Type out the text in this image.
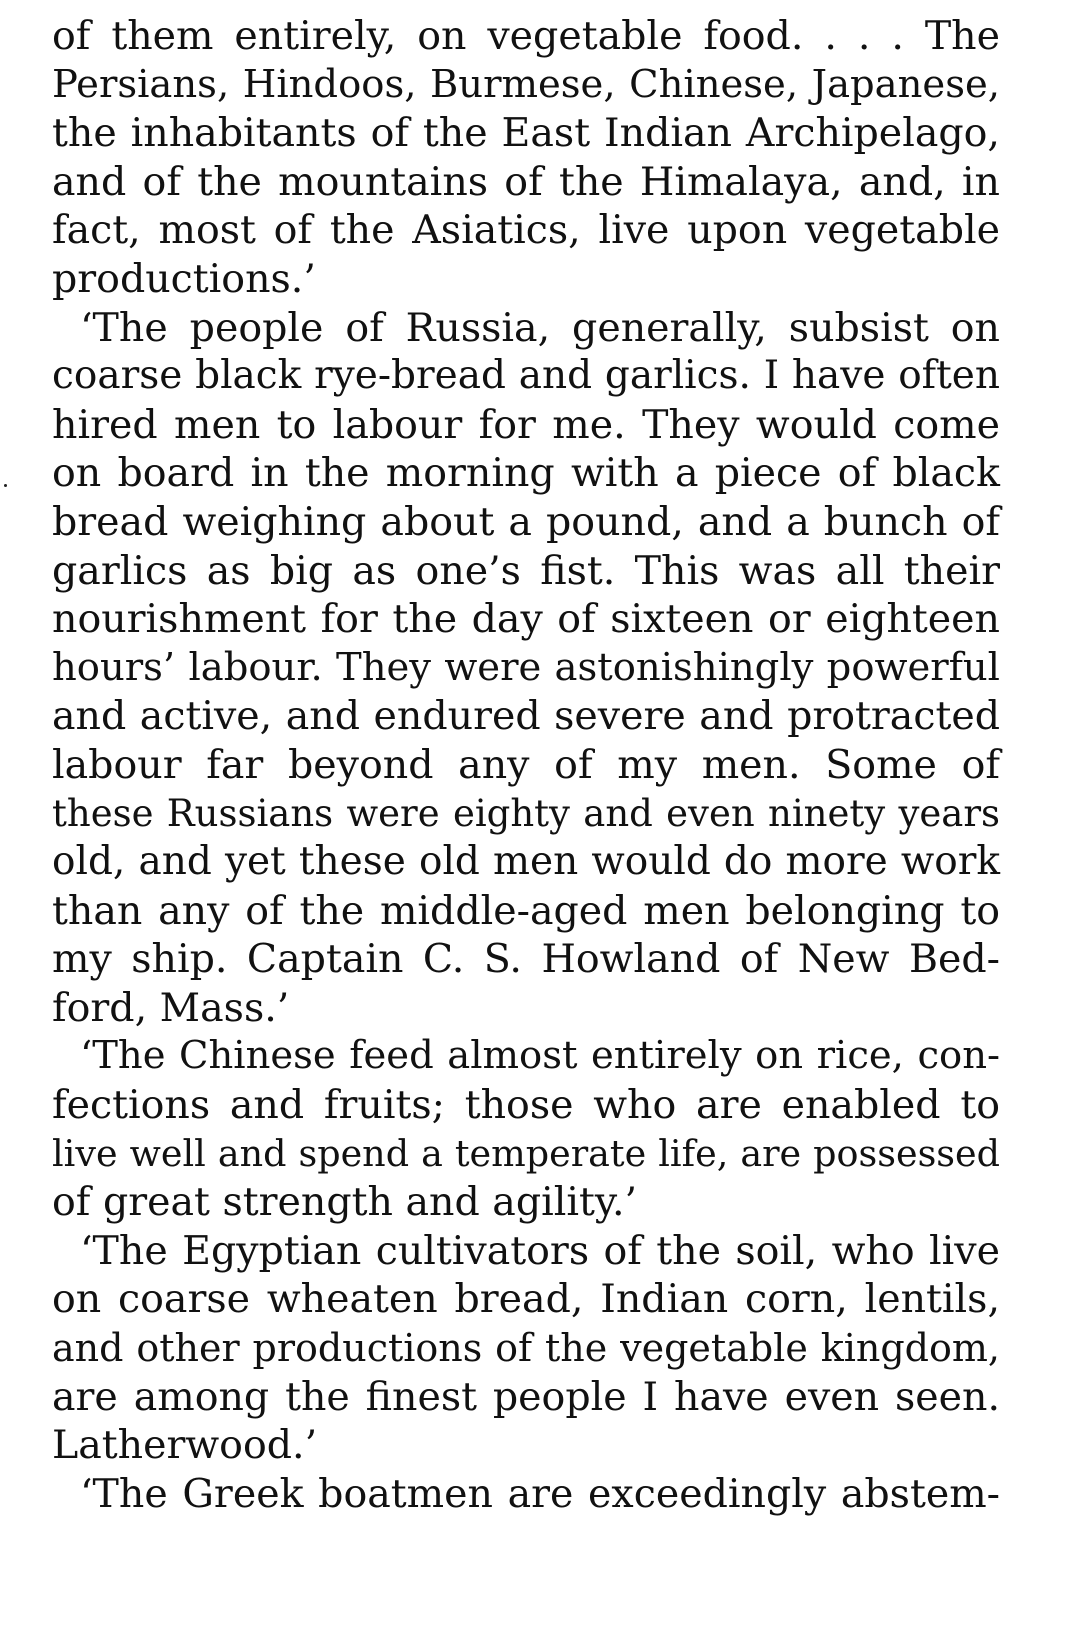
of them entirely, on vegetable food. . . . The
Persians, Hindoos, Burmese, Chinese, Japanese,
the inhabitants of the East Indian Archipelago,
and of the mountains of the Himalaya, and, in
fact, most of the Asiatics, live upon vegetable
productions.’
‘The people of Russia, generally, subsist on
coarse black rye-bread and garlics. I have often
hired men to labour for me. They would come
on board in the morning with a piece of black
bread weighing about a pound, and a bunch of
garlics as big as one’s fist. This was all their
nourishment for the day of sixteen or eighteen
hours’ labour. They were astonishingly powerful
and active, and endured severe and protracted
labour far beyond any of my men. Some of
these Russians were eighty and even ninety years
old, and yet these old men would do more work
than any of the middle-aged men belonging to
my ship. Captain C. S. Howland of New Bed-
ford, Mass.’
‘The Chinese feed almost entirely on rice, con-
fections and fruits; those who are enabled to
live well and spend a temperate life, are possessed
of great strength and agility.’
‘The Egyptian cultivators of the soil, who live
on coarse wheaten bread, Indian corn, lentils,
and other productions of the vegetable kingdom,
are among the finest people I have even seen.
Latherwood.’
‘The Greek boatmen are exceedingly abstem-
